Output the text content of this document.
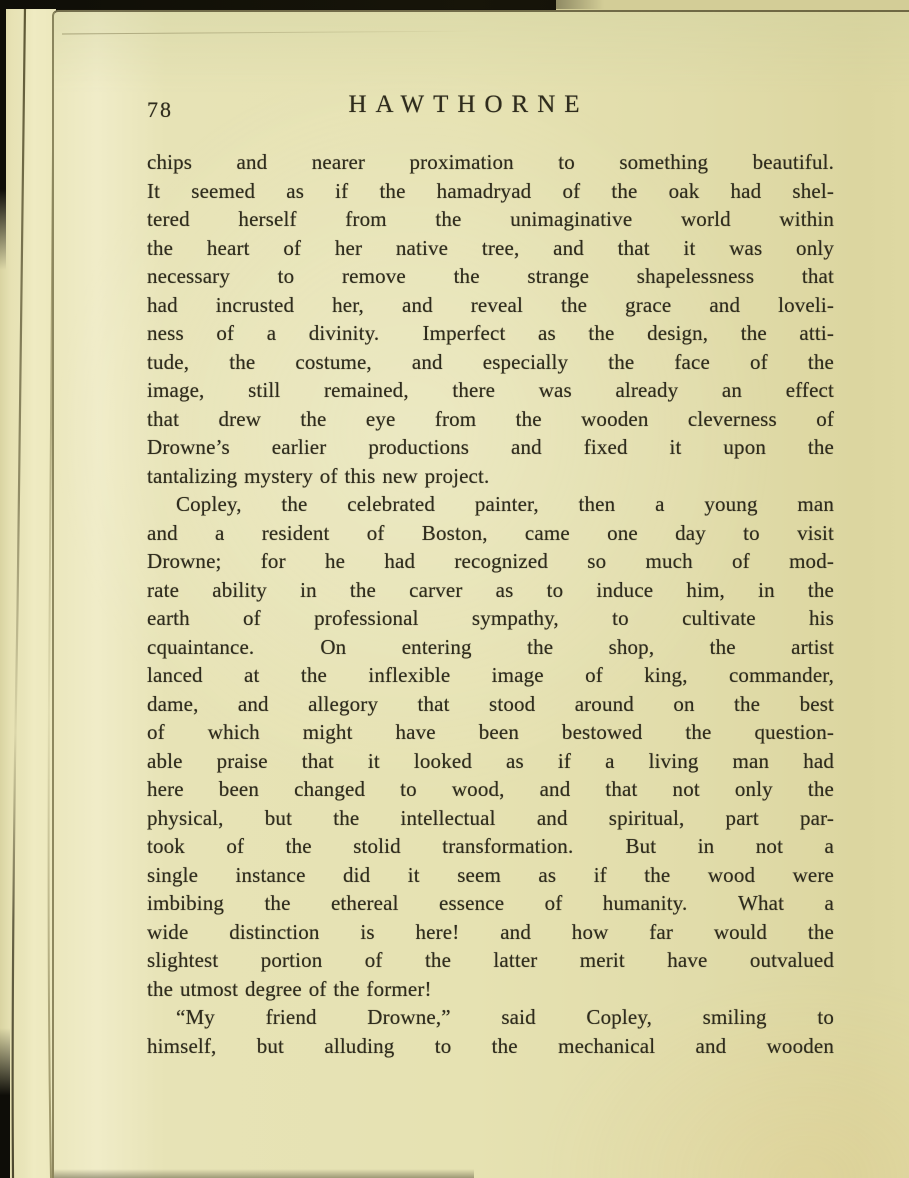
78	HAWTHORNE
chips and nearer proximation to something beautiful.
It seemed as if the hamadryad of the oak had shel-
tered herself from the unimaginative world within
the heart of her native tree, and that it was only
necessary to remove the strange shapelessness that
had incrusted her, and reveal the grace and loveli-
ness of a divinity.  Imperfect as the design, the atti-
tude, the costume, and especially the face of the
image, still remained, there was already an effect
that drew the eye from the wooden cleverness of
Drowne’s earlier productions and fixed it upon the
tantalizing mystery of this new project.
Copley, the celebrated painter, then a young man
and a resident of Boston, came one day to visit
Drowne; for he had recognized so much of mod-
rate ability in the carver as to induce him, in the
earth of professional sympathy, to cultivate his
cquaintance.  On entering the shop, the artist
lanced at the inflexible image of king, commander,
dame, and allegory that stood around on the best
of which might have been bestowed the question-
able praise that it looked as if a living man had
here been changed to wood, and that not only the
physical, but the intellectual and spiritual, part par-
took of the stolid transformation.  But in not a
single instance did it seem as if the wood were
imbibing the ethereal essence of humanity.  What a
wide distinction is here! and how far would the
slightest portion of the latter merit have outvalued
the utmost degree of the former!
“My friend Drowne,” said Copley, smiling to
himself, but alluding to the mechanical and wooden
